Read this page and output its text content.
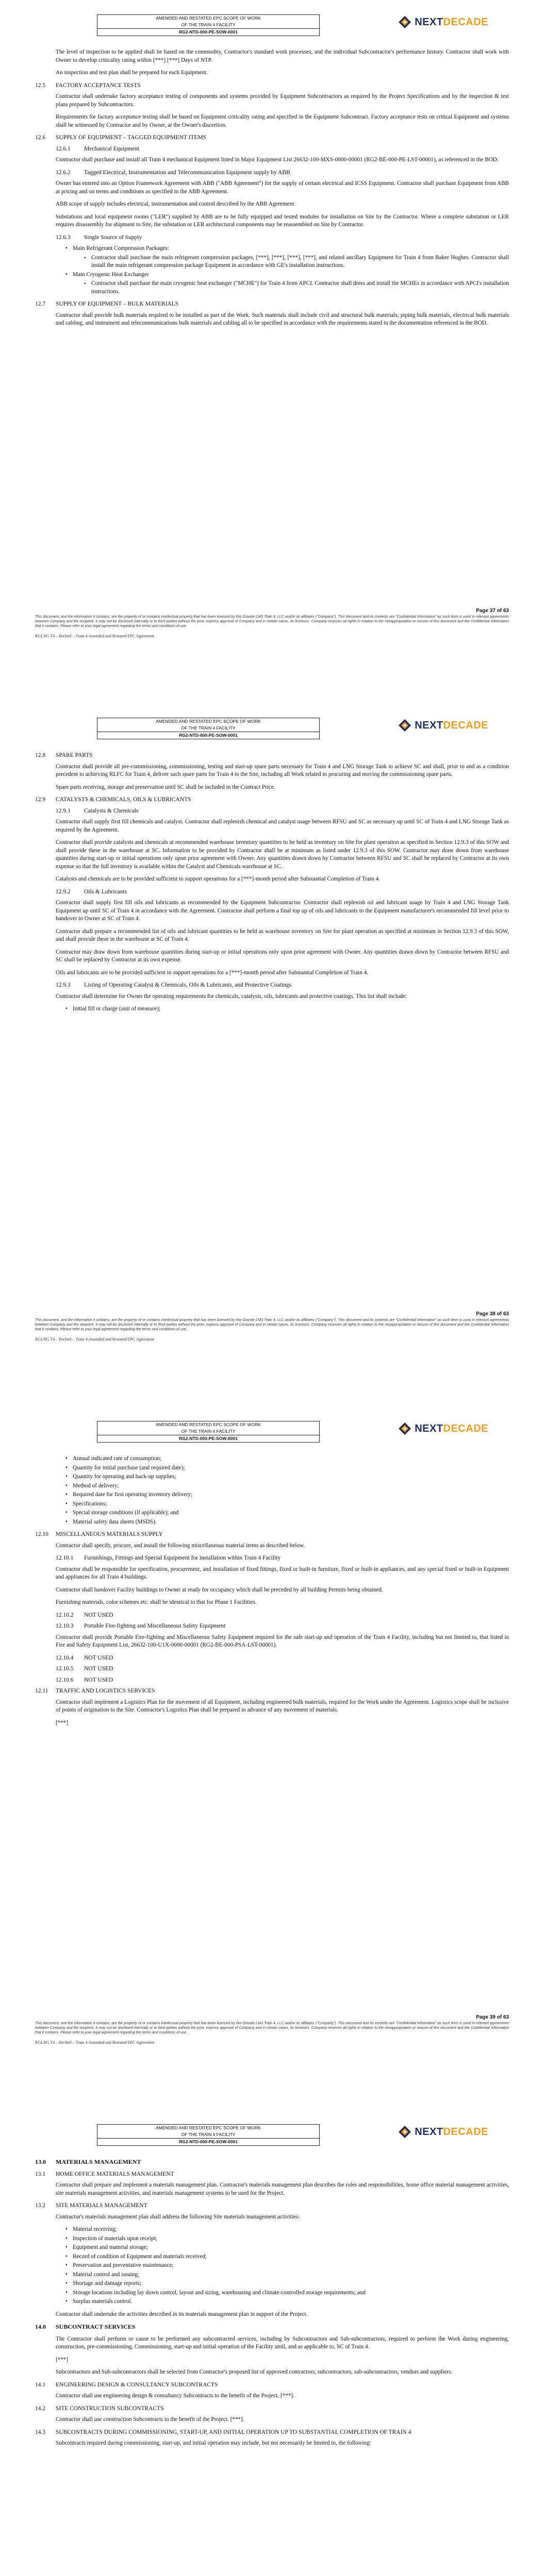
AMENDED AND RESTATED EPC SCOPE OF WORK
OF THE TRAIN 4 FACILITY
RG2-NTD-000-PE-SOW-0001
NEXTDECADE

The level of inspection to be applied shall be based on the commodity, Contractor's standard work processes, and the individual Subcontractor's performance history. Contractor shall work with Owner to develop criticality rating within [***] [***] Days of NTP.

An inspection and test plan shall be prepared for each Equipment.

12.5	FACTORY ACCEPTANCE TESTS

Contractor shall undertake factory acceptance testing of components and systems provided by Equipment Subcontractors as required by the Project Specifications and by the inspection & test plans prepared by Subcontractors.

Requirements for factory acceptance testing shall be based on Equipment criticality rating and specified in the Equipment Subcontract. Factory acceptance tests on critical Equipment and systems shall be witnessed by Contractor and by Owner, at the Owner's discretion.

12.6	SUPPLY OF EQUIPMENT – TAGGED EQUIPMENT ITEMS
12.6.1	Mechanical Equipment

Contractor shall purchase and install all Train 4 mechanical Equipment listed in Major Equipment List 26632-100-MXS-0000-00001 (RG2-BE-000-PE-LST-00001), as referenced in the BOD.

12.6.2	Tagged Electrical, Instrumentation and Telecommunication Equipment supply by ABB

Owner has entered into an Option Framework Agreement with ABB ("ABB Agreement") for the supply of certain electrical and ICSS Equipment. Contractor shall purchase Equipment from ABB at pricing and on terms and conditions as specified in the ABB Agreement.

ABB scope of supply includes electrical, instrumentation and control described by the ABB Agreement.

Substations and local equipment rooms ("LER") supplied by ABB are to be fully equipped and tested modules for installation on Site by the Contractor. Where a complete substation or LER requires disassembly for shipment to Site, the substation or LER architectural components may be reassembled on Site by Contractor.

12.6.3	Single Source of Supply
• Main Refrigerant Compression Packages:
▪ Contractor shall purchase the main refrigerant compression packages, [***], [***], [***], [***], and related ancillary Equipment for Train 4 from Baker Hughes. Contractor shall install the main refrigerant compression package Equipment in accordance with GE's installation instructions.
• Main Cryogenic Heat Exchanger
▪ Contractor shall purchase the main cryogenic heat exchanger ("MCHE") for Train 4 from APCI. Contractor shall dress and install the MCHEs in accordance with APCI's installation instructions.
12.7	SUPPLY OF EQUIPMENT – BULK MATERIALS

Contractor shall provide bulk materials required to be installed as part of the Work. Such materials shall include civil and structural bulk materials, piping bulk materials, electrical bulk materials and cabling, and instrument and telecommunications bulk materials and cabling all to be specified in accordance with the requirements stated in the documentation referenced in the BOD.

Page 37 of 63
This document, and the information it contains, are the property of or contains intellectual property that has been licensed by Rio Grande LNG Train 4, LLC and/or its affiliates ("Company"). This document and its contents are "Confidential Information" as such term is used in relevant agreements between Company and the recipient. It may not be disclosed internally or to third parties without the prior, express approval of Company and in certain cases, its licensors. Company reserves all rights in relation to the misappropriation or misuse of this document and the Confidential Information that it contains. Please refer to your legal agreement regarding the terms and conditions of use.
RGLNG T4 – Bechtel – Train 4 Amended and Restated EPC Agreement
AMENDED AND RESTATED EPC SCOPE OF WORK
OF THE TRAIN 4 FACILITY
RG2-NTD-000-PE-SOW-0001
NEXTDECADE
12.8	SPARE PARTS

Contractor shall provide all pre-commissioning, commissioning, testing and start-up spare parts necessary for Train 4 and LNG Storage Tank to achieve SC and shall, prior to and as a condition precedent to achieving RLFC for Train 4, deliver such spare parts for Train 4 to the Site, including all Work related to procuring and moving the commissioning spare parts.

Spare parts receiving, storage and preservation until SC shall be included in the Contract Price.

12.9	CATALYSTS & CHEMICALS, OILS & LUBRICANTS
12.9.1	Catalysts & Chemicals

Contractor shall supply first fill chemicals and catalyst. Contractor shall replenish chemical and catalyst usage between RFSU and SC as necessary up until SC of Train 4 and LNG Storage Tank as required by the Agreement.

Contractor shall provide catalysts and chemicals at recommended warehouse inventory quantities to be held as inventory on Site for plant operation as specified in Section 12.9.3 of this SOW and shall provide these in the warehouse at SC. Information to be provided by Contractor shall be at minimum as listed under 12.9.3 of this SOW. Contractor may draw down from warehouse quantities during start-up or initial operations only upon prior agreement with Owner. Any quantities drawn down by Contractor between RFSU and SC shall be replaced by Contractor at its own expense so that the full inventory is available within the Catalyst and Chemicals warehouse at SC.

Catalysts and chemicals are to be provided sufficient to support operations for a [***]-month period after Substantial Completion of Train 4.

12.9.2	Oils & Lubricants

Contractor shall supply first fill oils and lubricants as recommended by the Equipment Subcontractor. Contractor shall replenish oil and lubricant usage by Train 4 and LNG Storage Tank Equipment up until SC of Train 4 in accordance with the Agreement. Contractor shall perform a final top up of oils and lubricants to the Equipment manufacturer's recommended fill level prior to handover to Owner at SC of Train 4.

Contractor shall prepare a recommended list of oils and lubricant quantities to be held as warehouse inventory on Site for plant operation as specified at minimum in Section 12.9.3 of this SOW, and shall provide these in the warehouse at SC of Train 4.

Contractor may draw down from warehouse quantities during start-up or initial operations only upon prior agreement with Owner. Any quantities drawn down by Contractor between RFSU and SC shall be replaced by Contractor at its own expense.

Oils and lubricants are to be provided sufficient to support operations for a [***]-month period after Substantial Completion of Train 4.

12.9.3	Listing of Operating Catalyst & Chemicals, Oils & Lubricants, and Protective Coatings

Contractor shall determine for Owner the operating requirements for chemicals, catalysts, oils, lubricants and protective coatings. This list shall include:

• Initial fill or charge (unit of measure);
Page 38 of 63
This document, and the information it contains, are the property of or contains intellectual property that has been licensed by Rio Grande LNG Train 4, LLC and/or its affiliates ("Company"). This document and its contents are "Confidential Information" as such term is used in relevant agreements between Company and the recipient. It may not be disclosed internally or to third parties without the prior, express approval of Company and in certain cases, its licensors. Company reserves all rights in relation to the misappropriation or misuse of this document and the Confidential Information that it contains. Please refer to your legal agreement regarding the terms and conditions of use.
RGLNG T4 – Bechtel – Train 4 Amended and Restated EPC Agreement
AMENDED AND RESTATED EPC SCOPE OF WORK
OF THE TRAIN 4 FACILITY
RG2-NTD-000-PE-SOW-0001
NEXTDECADE
• Annual indicated rate of consumption;
• Quantity for initial purchase (and required date);
• Quantity for operating and back-up supplies;
• Method of delivery;
• Required date for first operating inventory delivery;
• Specifications;
• Special storage conditions (if applicable); and
• Material safety data sheets (MSDS).
12.10	MISCELLANEOUS MATERIALS SUPPLY

Contractor shall specify, procure, and install the following miscellaneous material items as described below.

12.10.1	Furnishings, Fittings and Special Equipment for installation within Train 4 Facility

Contractor shall be responsible for specification, procurement, and installation of fixed fittings, fixed or built-in furniture, fixed or built-in appliances, and any special fixed or built-in Equipment and appliances for all Train 4 buildings.

Contractor shall handover Facility buildings to Owner at ready for occupancy which shall be preceded by all building Permits being obtained.

Furnishing materials, color schemes etc. shall be identical to that for Phase 1 Facilities.

12.10.2	NOT USED
12.10.3	Portable Fire-fighting and Miscellaneous Safety Equipment

Contractor shall provide Portable Fire-fighting and Miscellaneous Safety Equipment required for the safe start-up and operation of the Train 4 Facility, including but not limited to, that listed in Fire and Safety Equipment List, 26632-100-U1X-0000-00001 (RG2-BE-000-PSA-LST-00001).

12.10.4	NOT USED
12.10.5	NOT USED
12.10.6	NOT USED
12.11	TRAFFIC AND LOGISTICS SERVICES

Contractor shall implement a Logistics Plan for the movement of all Equipment, including engineered bulk materials, required for the Work under the Agreement. Logistics scope shall be inclusive of points of origination to the Site. Contractor's Logistics Plan shall be prepared in advance of any movement of materials.

[***]

Page 39 of 63
This document, and the information it contains, are the property of or contains intellectual property that has been licensed by Rio Grande LNG Train 4, LLC and/or its affiliates ("Company"). This document and its contents are "Confidential Information" as such term is used in relevant agreements between Company and the recipient. It may not be disclosed internally or to third parties without the prior, express approval of Company and in certain cases, its licensors. Company reserves all rights in relation to the misappropriation or misuse of this document and the Confidential Information that it contains. Please refer to your legal agreement regarding the terms and conditions of use.
RGLNG T4 – Bechtel – Train 4 Amended and Restated EPC Agreement
AMENDED AND RESTATED EPC SCOPE OF WORK
OF THE TRAIN 4 FACILITY
RG2-NTD-000-PE-SOW-0001
NEXTDECADE
13.0	MATERIALS MANAGEMENT
13.1	HOME OFFICE MATERIALS MANAGEMENT

Contractor shall prepare and implement a materials management plan. Contractor's materials management plan describes the roles and responsibilities, home office material management activities, site materials management activities, and materials management systems to be used for the Project.

13.2	SITE MATERIALS MANAGEMENT

Contractor's materials management plan shall address the following Site materials management activities:

• Material receiving;
• Inspection of materials upon receipt;
• Equipment and material storage;
• Record of condition of Equipment and materials received;
• Preservation and preventative maintenance;
• Material control and issuing;
• Shortage and damage reports;
• Storage locations including lay down control, layout and sizing, warehousing and climate-controlled storage requirements; and
• Surplus materials control.

Contractor shall undertake the activities described in its materials management plan in support of the Project.

14.0	SUBCONTRACT SERVICES

The Contractor shall perform or cause to be performed any subcontracted services, including by Subcontractors and Sub-subcontractors, required to perform the Work during engineering, construction, pre-commissioning, Commissioning, start-up and initial operation of the Facility until, and as applicable to, SC of Train 4.

[***]

Subcontractors and Sub-subcontractors shall be selected from Contractor's proposed list of approved contractors, subcontractors, sub-subcontractors, vendors and suppliers.

14.1	ENGINEERING DESIGN & CONSULTANCY SUBCONTRACTS

Contractor shall use engineering design & consultancy Subcontracts to the benefit of the Project. [***].

14.2	SITE CONSTRUCTION SUBCONTRACTS

Contractor shall use construction Subcontracts to the benefit of the Project. [***].

14.3	SUBCONTRACTS DURING COMMISSIONING, START-UP, AND INITIAL OPERATION UP TO SUBSTANTIAL COMPLETION OF TRAIN 4

Subcontracts required during commissioning, start-up, and initial operation may include, but not necessarily be limited to, the following:
